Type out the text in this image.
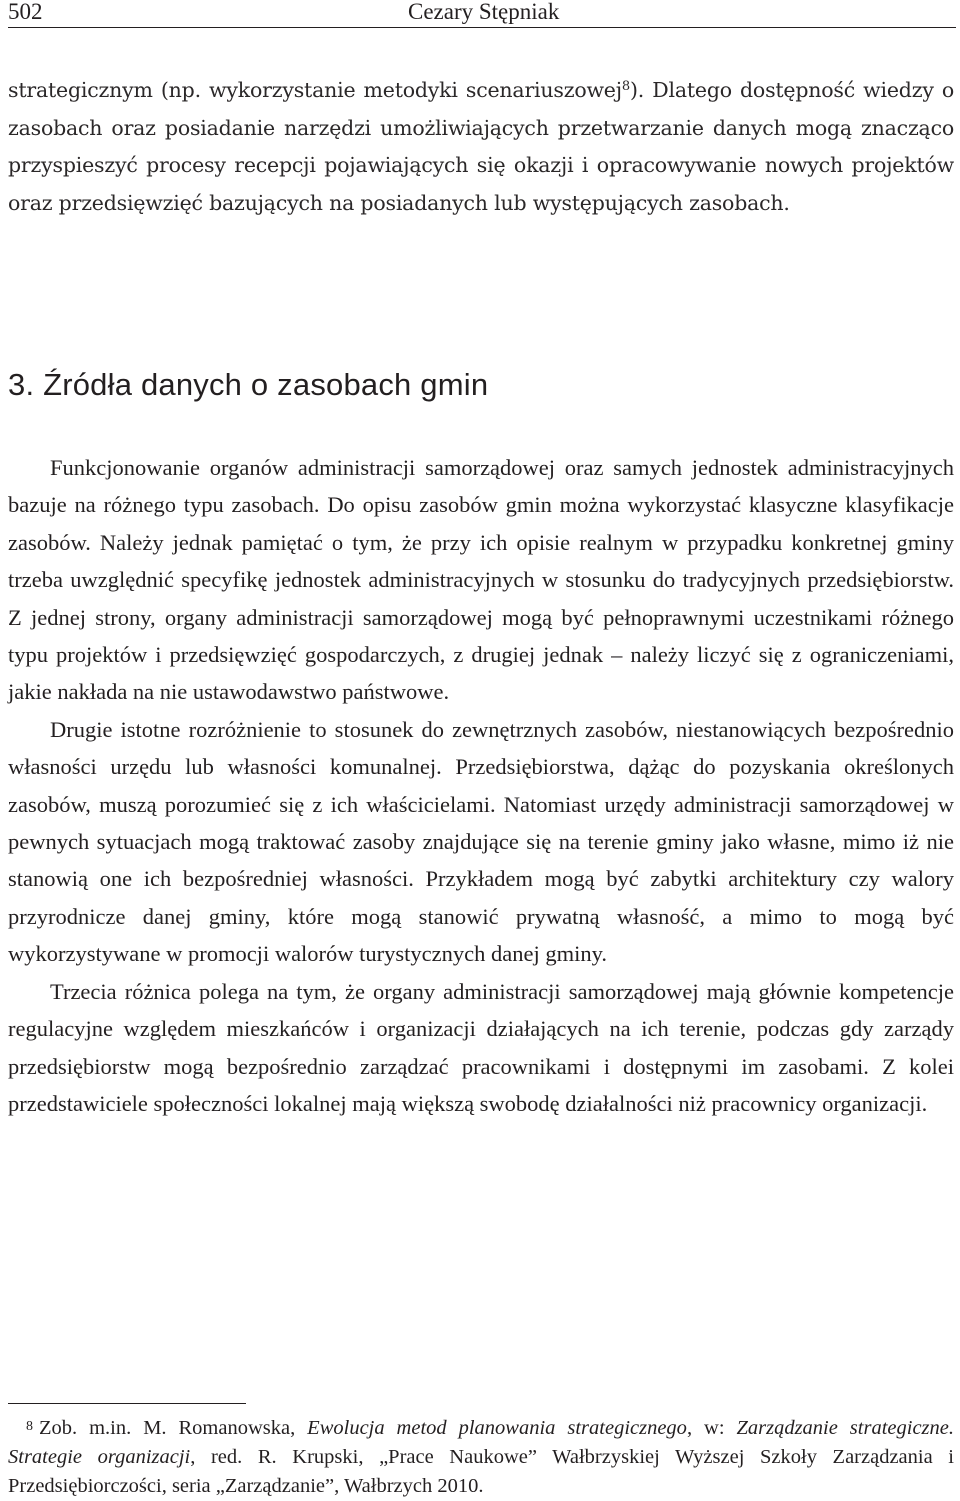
502	Cezary Stępniak

strategicznym (np. wykorzystanie metodyki scenariuszowej$^8$). Dlatego dostępność wiedzy o zasobach oraz posiadanie narzędzi umożliwiających przetwarzanie danych mogą znacząco przyspieszyć procesy recepcji pojawiających się okazji i opracowywanie nowych projektów oraz przedsięwzięć bazujących na posiadanych lub występujących zasobach.

3. Źródła danych o zasobach gmin

Funkcjonowanie organów administracji samorządowej oraz samych jednostek administracyjnych bazuje na różnego typu zasobach. Do opisu zasobów gmin można wykorzystać klasyczne klasyfikacje zasobów. Należy jednak pamiętać o tym, że przy ich opisie realnym w przypadku konkretnej gminy trzeba uwzględnić specyfikę jednostek administracyjnych w stosunku do tradycyjnych przedsiębiorstw. Z jednej strony, organy administracji samorządowej mogą być pełnoprawnymi uczestnikami różnego typu projektów i przedsięwzięć gospodarczych, z drugiej jednak – należy liczyć się z ograniczeniami, jakie nakłada na nie ustawodawstwo państwowe.

Drugie istotne rozróżnienie to stosunek do zewnętrznych zasobów, niestanowiących bezpośrednio własności urzędu lub własności komunalnej. Przedsiębiorstwa, dążąc do pozyskania określonych zasobów, muszą porozumieć się z ich właścicielami. Natomiast urzędy administracji samorządowej w pewnych sytuacjach mogą traktować zasoby znajdujące się na terenie gminy jako własne, mimo iż nie stanowią one ich bezpośredniej własności. Przykładem mogą być zabytki architektury czy walory przyrodnicze danej gminy, które mogą stanowić prywatną własność, a mimo to mogą być wykorzystywane w promocji walorów turystycznych danej gminy.

Trzecia różnica polega na tym, że organy administracji samorządowej mają głównie kompetencje regulacyjne względem mieszkańców i organizacji działających na ich terenie, podczas gdy zarządy przedsiębiorstw mogą bezpośrednio zarządzać pracownikami i dostępnymi im zasobami. Z kolei przedstawiciele społeczności lokalnej mają większą swobodę działalności niż pracownicy organizacji.

8 Zob. m.in. M. Romanowska, Ewolucja metod planowania strategicznego, w: Zarządzanie strategiczne. Strategie organizacji, red. R. Krupski, „Prace Naukowe” Wałbrzyskiej Wyższej Szkoły Zarządzania i Przedsiębiorczości, seria „Zarządzanie”, Wałbrzych 2010.
